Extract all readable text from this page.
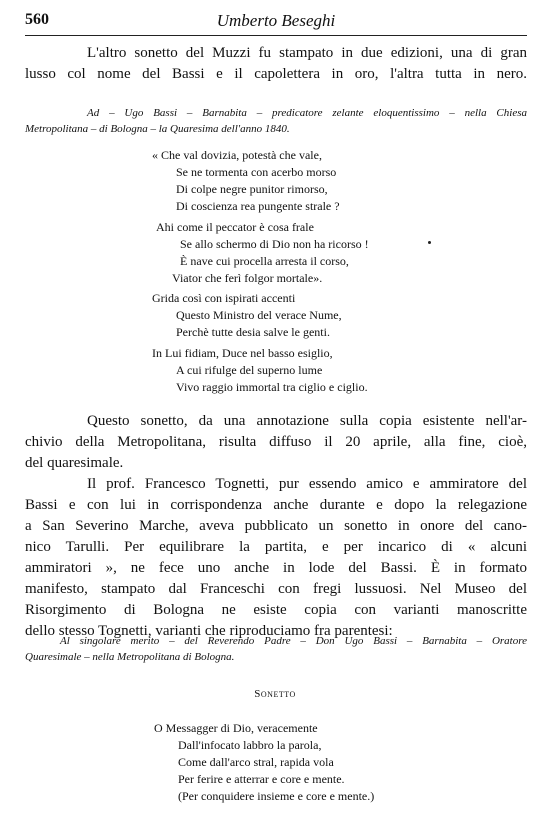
560	Umberto Beseghi

L'altro sonetto del Muzzi fu stampato in due edizioni, una di gran
lusso col nome del Bassi e il capolettera in oro, l'altra tutta in nero.

Ad – Ugo Bassi – Barnabita – predicatore zelante eloquentissimo – nella Chiesa
Metropolitana – di Bologna – la Quaresima dell'anno 1840.

« Che val dovizia, potestà che vale,
Se ne tormenta con acerbo morso
Di colpe negre punitor rimorso,
Di coscienza rea pungente strale ?

Ahi come il peccator è cosa frale
Se allo schermo di Dio non ha ricorso !
È nave cui procella arresta il corso,
Viator che ferì folgor mortale».

Grida così con ispirati accenti
Questo Ministro del verace Nume,
Perchè tutte desia salve le genti.

In Lui fidiam, Duce nel basso esiglio,
A cui rifulge del superno lume
Vivo raggio immortal tra ciglio e ciglio.

Questo sonetto, da una annotazione sulla copia esistente nell'ar-
chivio della Metropolitana, risulta diffuso il 20 aprile, alla fine, cioè,
del quaresimale.

Il prof. Francesco Tognetti, pur essendo amico e ammiratore del
Bassi e con lui in corrispondenza anche durante e dopo la relegazione
a San Severino Marche, aveva pubblicato un sonetto in onore del cano-
nico Tarulli. Per equilibrare la partita, e per incarico di « alcuni
ammiratori », ne fece uno anche in lode del Bassi. È in formato
manifesto, stampato dal Franceschi con fregi lussuosi. Nel Museo del
Risorgimento di Bologna ne esiste copia con varianti manoscritte
dello stesso Tognetti, varianti che riproduciamo fra parentesi:

Al singolare merito – del Reverendo Padre – Don Ugo Bassi – Barnabita – Oratore
Quaresimale – nella Metropolitana di Bologna.

Sonetto

O Messagger di Dio, veracemente
Dall'infocato labbro la parola,
Come dall'arco stral, rapida vola
Per ferire e atterrar e core e mente.
(Per conquidere insieme e core e mente.)
